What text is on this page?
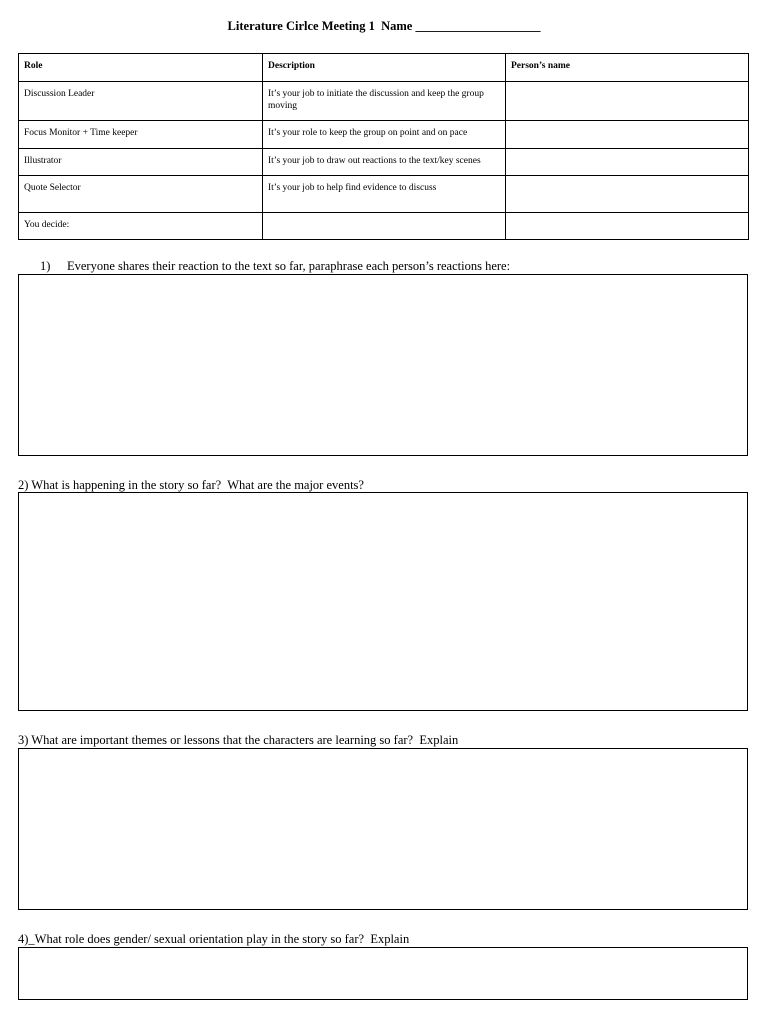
Literature Cirlce Meeting 1  Name ____________________
Role	Description	Person’s name
Discussion Leader	It’s your job to initiate the discussion and keep the group moving	
Focus Monitor + Time keeper	It’s your role to keep the group on point and on pace	
Illustrator	It’s your job to draw out reactions to the text/key scenes	
Quote Selector	It’s your job to help find evidence to discuss	
You decide:		
1) Everyone shares their reaction to the text so far, paraphrase each person’s reactions here:
2) What is happening in the story so far?  What are the major events?
3) What are important themes or lessons that the characters are learning so far?  Explain
4)_What role does gender/ sexual orientation play in the story so far?  Explain
